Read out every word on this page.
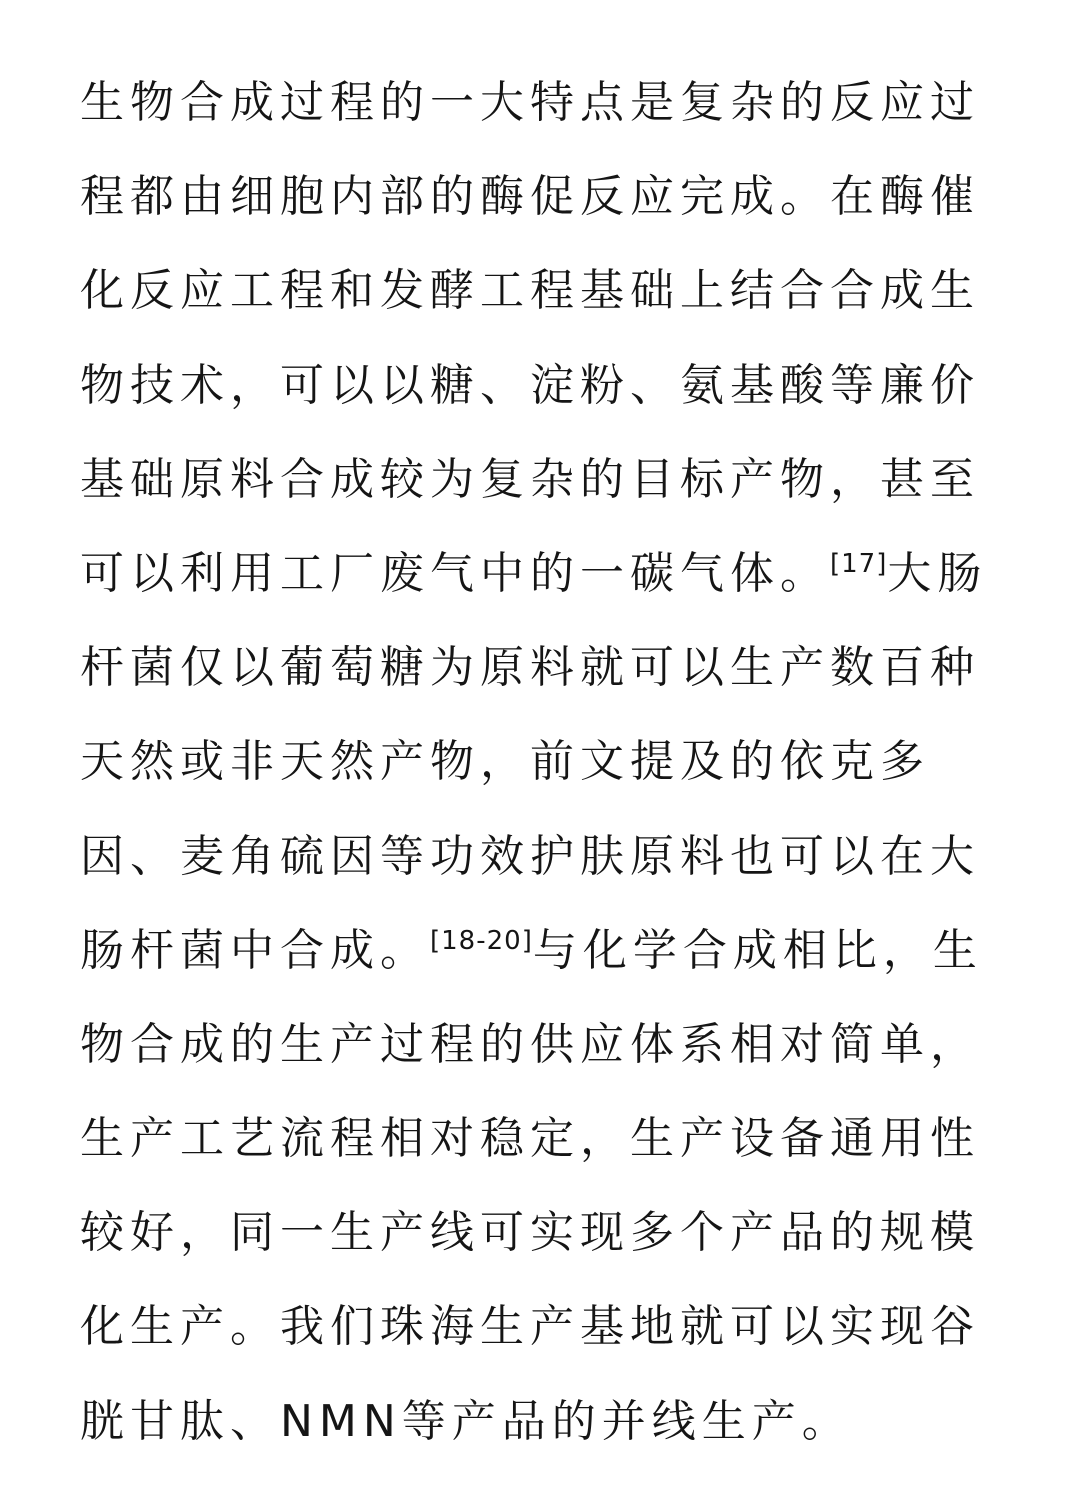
生物合成过程的一大特点是复杂的反应过
程都由细胞内部的酶促反应完成。在酶催
化反应工程和发酵工程基础上结合合成生
物技术，可以以糖、淀粉、氨基酸等廉价
基础原料合成较为复杂的目标产物，甚至
可以利用工厂废气中的一碳气体。[17]大肠
杆菌仅以葡萄糖为原料就可以生产数百种
天然或非天然产物，前文提及的依克多
因、麦角硫因等功效护肤原料也可以在大
肠杆菌中合成。[18-20]与化学合成相比，生
物合成的生产过程的供应体系相对简单，
生产工艺流程相对稳定，生产设备通用性
较好，同一生产线可实现多个产品的规模
化生产。我们珠海生产基地就可以实现谷
胱甘肽、NMN等产品的并线生产。
